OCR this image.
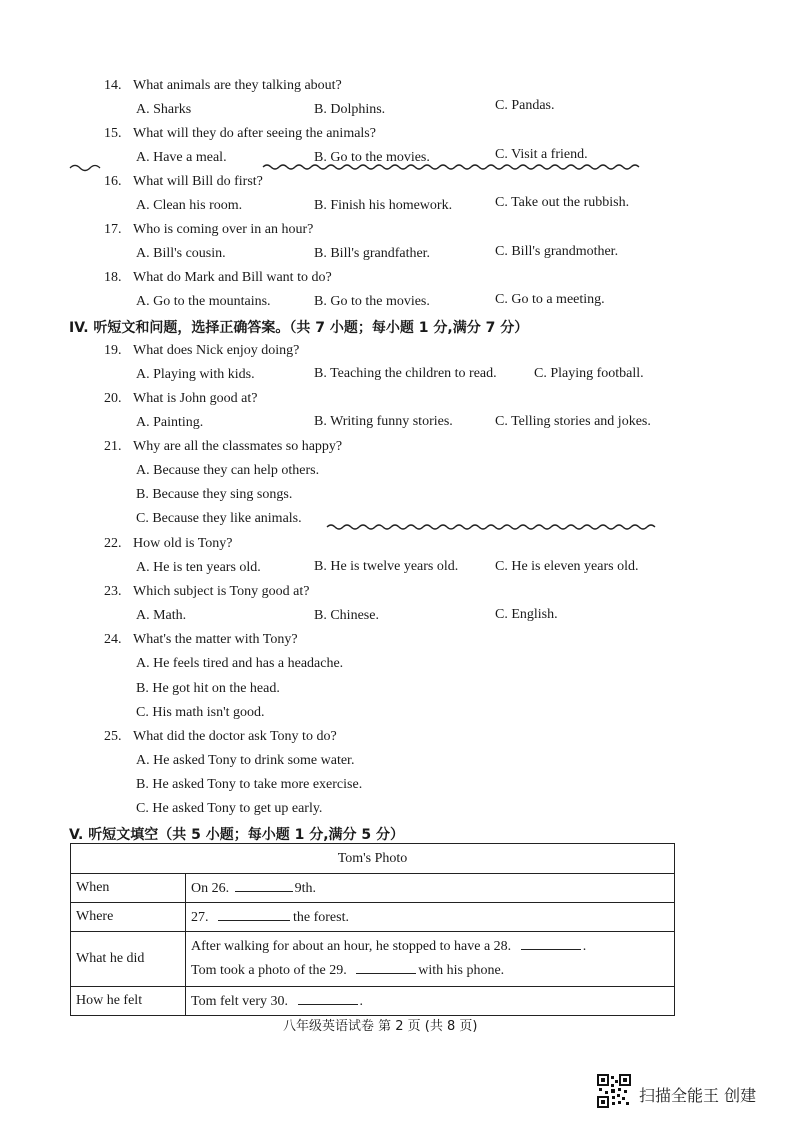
14. What animals are they talking about?
A. Sharks	B. Dolphins.	C. Pandas.
15. What will they do after seeing the animals?
A. Have a meal.	B. Go to the movies.	C. Visit a friend.
16. What will Bill do first?
A. Clean his room.	B. Finish his homework.	C. Take out the rubbish.
17. Who is coming over in an hour?
A. Bill's cousin.	B. Bill's grandfather.	C. Bill's grandmother.
18. What do Mark and Bill want to do?
A. Go to the mountains.	B. Go to the movies.	C. Go to a meeting.
IV. 听短文和问题，选择正确答案。（共 7 小题；每小题 1 分,满分 7 分）
19. What does Nick enjoy doing?
A. Playing with kids.	B. Teaching the children to read.	C. Playing football.
20. What is John good at?
A. Painting.	B. Writing funny stories.	C. Telling stories and jokes.
21. Why are all the classmates so happy?
A. Because they can help others.
B. Because they sing songs.
C. Because they like animals.
22. How old is Tony?
A. He is ten years old.	B. He is twelve years old.	C. He is eleven years old.
23. Which subject is Tony good at?
A. Math.	B. Chinese.	C. English.
24. What's the matter with Tony?
A. He feels tired and has a headache.
B. He got hit on the head.
C. His math isn't good.
25. What did the doctor ask Tony to do?
A. He asked Tony to drink some water.
B. He asked Tony to take more exercise.
C. He asked Tony to get up early.
V. 听短文填空（共 5 小题；每小题 1 分,满分 5 分）
Tom's Photo	
When	On 26. 9th.
Where	27. the forest.
What he did	After walking for about an hour, he stopped to have a 28. .
Tom took a photo of the 29. with his phone.
How he felt	Tom felt very 30. .
八年级英语试卷 第 2 页 (共 8 页)
扫描全能王 创建
